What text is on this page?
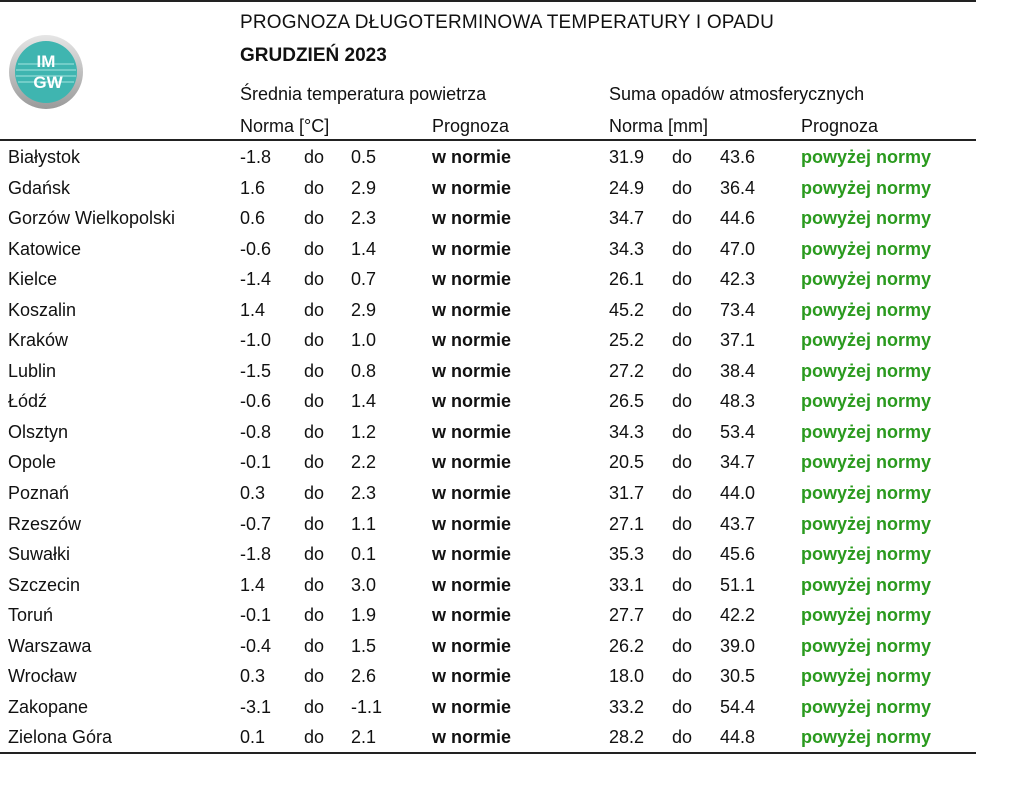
IM
GW
PROGNOZA DŁUGOTERMINOWA TEMPERATURY I OPADU
GRUDZIEŃ 2023
Średnia temperatura powietrza	Suma opadów atmosferycznych
Norma [°C]	Prognoza	Norma [mm]	Prognoza
Białystok	-1.8 do 0.5	w normie	31.9 do 43.6	powyżej normy
Gdańsk	1.6 do 2.9	w normie	24.9 do 36.4	powyżej normy
Gorzów Wielkopolski	0.6 do 2.3	w normie	34.7 do 44.6	powyżej normy
Katowice	-0.6 do 1.4	w normie	34.3 do 47.0	powyżej normy
Kielce	-1.4 do 0.7	w normie	26.1 do 42.3	powyżej normy
Koszalin	1.4 do 2.9	w normie	45.2 do 73.4	powyżej normy
Kraków	-1.0 do 1.0	w normie	25.2 do 37.1	powyżej normy
Lublin	-1.5 do 0.8	w normie	27.2 do 38.4	powyżej normy
Łódź	-0.6 do 1.4	w normie	26.5 do 48.3	powyżej normy
Olsztyn	-0.8 do 1.2	w normie	34.3 do 53.4	powyżej normy
Opole	-0.1 do 2.2	w normie	20.5 do 34.7	powyżej normy
Poznań	0.3 do 2.3	w normie	31.7 do 44.0	powyżej normy
Rzeszów	-0.7 do 1.1	w normie	27.1 do 43.7	powyżej normy
Suwałki	-1.8 do 0.1	w normie	35.3 do 45.6	powyżej normy
Szczecin	1.4 do 3.0	w normie	33.1 do 51.1	powyżej normy
Toruń	-0.1 do 1.9	w normie	27.7 do 42.2	powyżej normy
Warszawa	-0.4 do 1.5	w normie	26.2 do 39.0	powyżej normy
Wrocław	0.3 do 2.6	w normie	18.0 do 30.5	powyżej normy
Zakopane	-3.1 do -1.1	w normie	33.2 do 54.4	powyżej normy
Zielona Góra	0.1 do 2.1	w normie	28.2 do 44.8	powyżej normy
